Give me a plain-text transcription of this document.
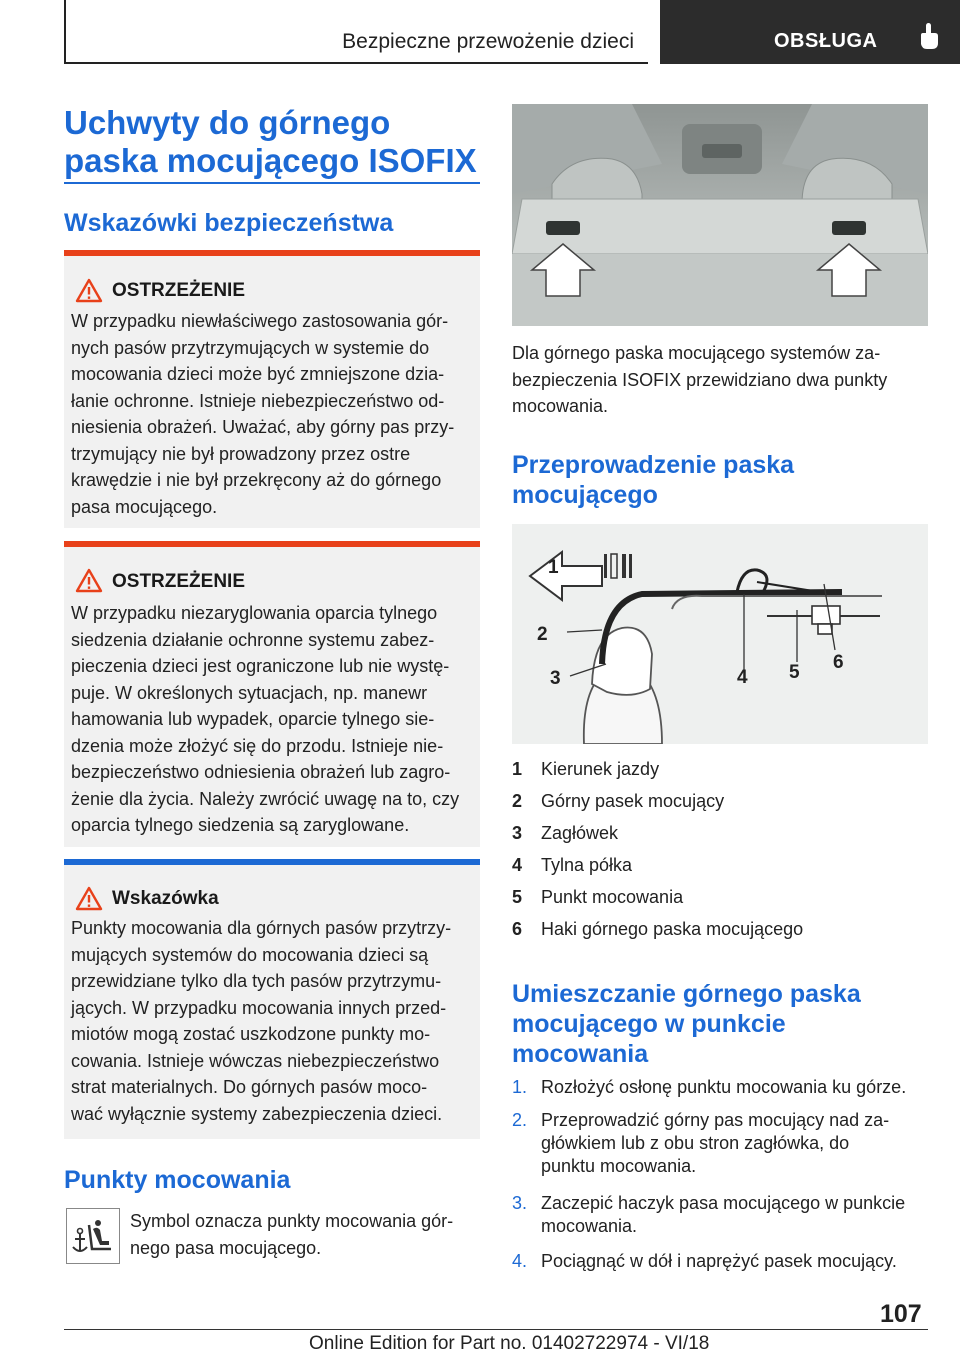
Bezpieczne przewożenie dzieci	OBSŁUGA
Uchwyty do górnego paska mocującego ISOFIX
Wskazówki bezpieczeństwa
OSTRZEŻENIE
W przypadku niewłaściwego zastosowania gór-
nych pasów przytrzymujących w systemie do
mocowania dzieci może być zmniejszone dzia-
łanie ochronne. Istnieje niebezpieczeństwo od-
niesienia obrażeń. Uważać, aby górny pas przy-
trzymujący nie był prowadzony przez ostre
krawędzie i nie był przekręcony aż do górnego
pasa mocującego.
OSTRZEŻENIE
W przypadku niezaryglowania oparcia tylnego
siedzenia działanie ochronne systemu zabez-
pieczenia dzieci jest ograniczone lub nie wystę-
puje. W określonych sytuacjach, np. manewr
hamowania lub wypadek, oparcie tylnego sie-
dzenia może złożyć się do przodu. Istnieje nie-
bezpieczeństwo odniesienia obrażeń lub zagro-
żenie dla życia. Należy zwrócić uwagę na to, czy
oparcia tylnego siedzenia są zaryglowane.
Wskazówka
Punkty mocowania dla górnych pasów przytrzy-
mujących systemów do mocowania dzieci są
przewidziane tylko dla tych pasów przytrzymu-
jących. W przypadku mocowania innych przed-
miotów mogą zostać uszkodzone punkty mo-
cowania. Istnieje wówczas niebezpieczeństwo
strat materialnych. Do górnych pasów moco-
wać wyłącznie systemy zabezpieczenia dzieci.
Punkty mocowania
Symbol oznacza punkty mocowania gór-
nego pasa mocującego.
Dla górnego paska mocującego systemów za-
bezpieczenia ISOFIX przewidziano dwa punkty
mocowania.
Przeprowadzenie paska mocującego
1
2
3	4 5 6
1 Kierunek jazdy
2 Górny pasek mocujący
3 Zagłówek
4 Tylna półka
5 Punkt mocowania
6 Haki górnego paska mocującego
Umieszczanie górnego paska mocującego w punkcie mocowania
1. Rozłożyć osłonę punktu mocowania ku górze.
2. Przeprowadzić górny pas mocujący nad za-
główkiem lub z obu stron zagłówka, do
punktu mocowania.
3. Zaczepić haczyk pasa mocującego w punkcie
mocowania.
4. Pociągnąć w dół i naprężyć pasek mocujący.
107
Online Edition for Part no. 01402722974 - VI/18
